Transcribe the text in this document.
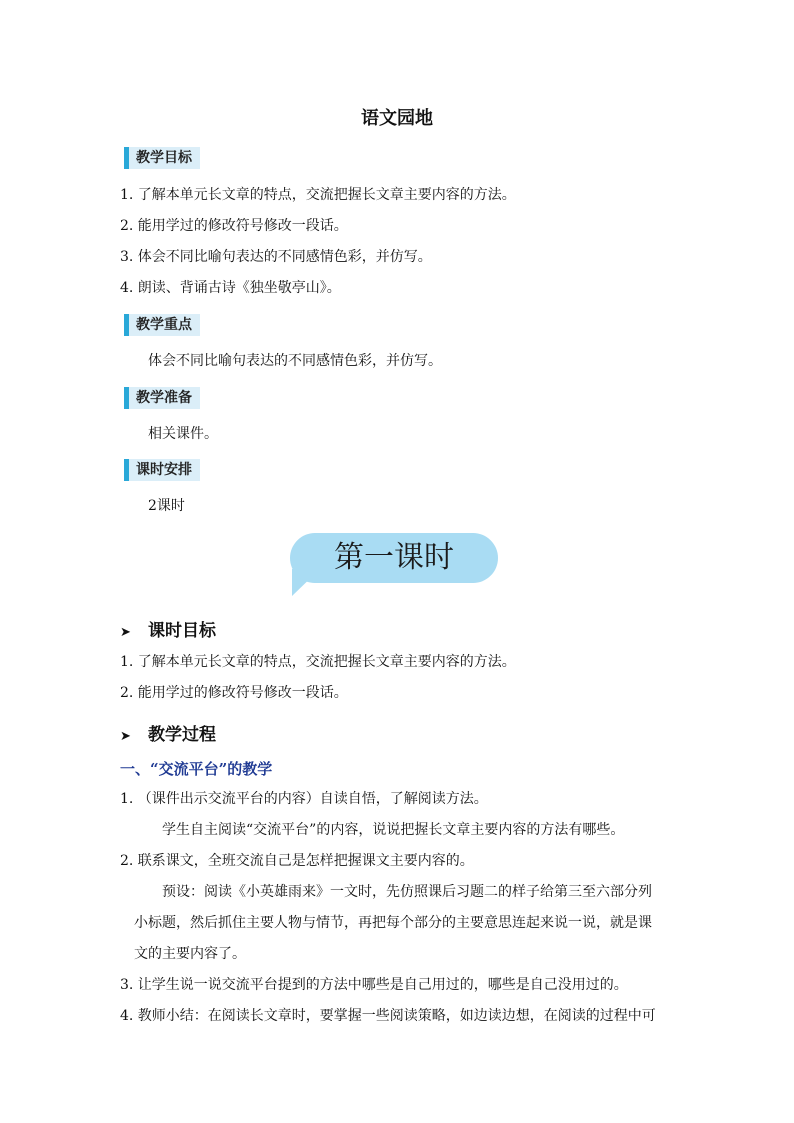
语文园地
教学目标
1. 了解本单元长文章的特点，交流把握长文章主要内容的方法。
2. 能用学过的修改符号修改一段话。
3. 体会不同比喻句表达的不同感情色彩，并仿写。
4. 朗读、背诵古诗《独坐敬亭山》。
教学重点
体会不同比喻句表达的不同感情色彩，并仿写。
教学准备
相关课件。
课时安排
2课时
第一课时
➤ 课时目标
1. 了解本单元长文章的特点，交流把握长文章主要内容的方法。
2. 能用学过的修改符号修改一段话。
➤ 教学过程
一、“交流平台”的教学
1. （课件出示交流平台的内容）自读自悟，了解阅读方法。
学生自主阅读“交流平台”的内容，说说把握长文章主要内容的方法有哪些。
2. 联系课文，全班交流自己是怎样把握课文主要内容的。
预设：阅读《小英雄雨来》一文时，先仿照课后习题二的样子给第三至六部分列
小标题，然后抓住主要人物与情节，再把每个部分的主要意思连起来说一说，就是课
文的主要内容了。
3. 让学生说一说交流平台提到的方法中哪些是自己用过的，哪些是自己没用过的。
4. 教师小结：在阅读长文章时，要掌握一些阅读策略，如边读边想，在阅读的过程中可
